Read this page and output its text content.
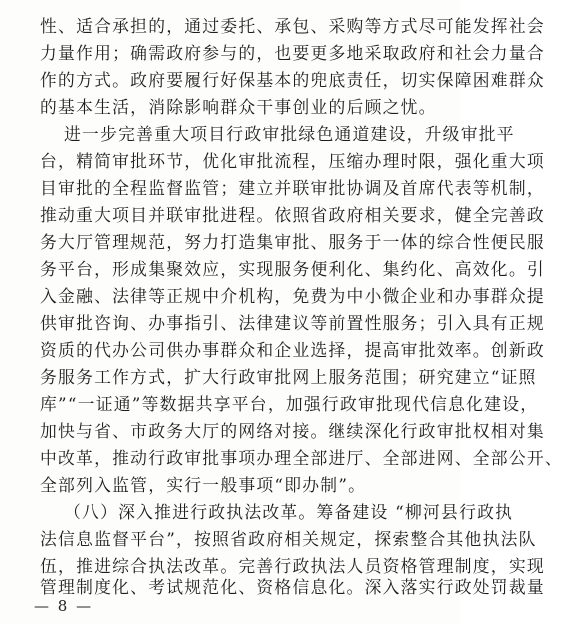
性、适合承担的，通过委托、承包、采购等方式尽可能发挥社会
力量作用；确需政府参与的，也要更多地采取政府和社会力量合
作的方式。政府要履行好保基本的兜底责任，切实保障困难群众
的基本生活，消除影响群众干事创业的后顾之忧。
进一步完善重大项目行政审批绿色通道建设，升级审批平
台，精简审批环节，优化审批流程，压缩办理时限，强化重大项
目审批的全程监督监管；建立并联审批协调及首席代表等机制，
推动重大项目并联审批进程。依照省政府相关要求，健全完善政
务大厅管理规范，努力打造集审批、服务于一体的综合性便民服
务平台，形成集聚效应，实现服务便利化、集约化、高效化。引
入金融、法律等正规中介机构，免费为中小微企业和办事群众提
供审批咨询、办事指引、法律建议等前置性服务；引入具有正规
资质的代办公司供办事群众和企业选择，提高审批效率。创新政
务服务工作方式，扩大行政审批网上服务范围；研究建立“证照
库”“一证通”等数据共享平台，加强行政审批现代信息化建设，
加快与省、市政务大厅的网络对接。继续深化行政审批权相对集
中改革，推动行政审批事项办理全部进厅、全部进网、全部公开、
全部列入监管，实行一般事项“即办制”。
（八）深入推进行政执法改革。筹备建设 “柳河县行政执
法信息监督平台”，按照省政府相关规定，探索整合其他执法队
伍，推进综合执法改革。完善行政执法人员资格管理制度，实现
管理制度化、考试规范化、资格信息化。深入落实行政处罚裁量
— 8 —
